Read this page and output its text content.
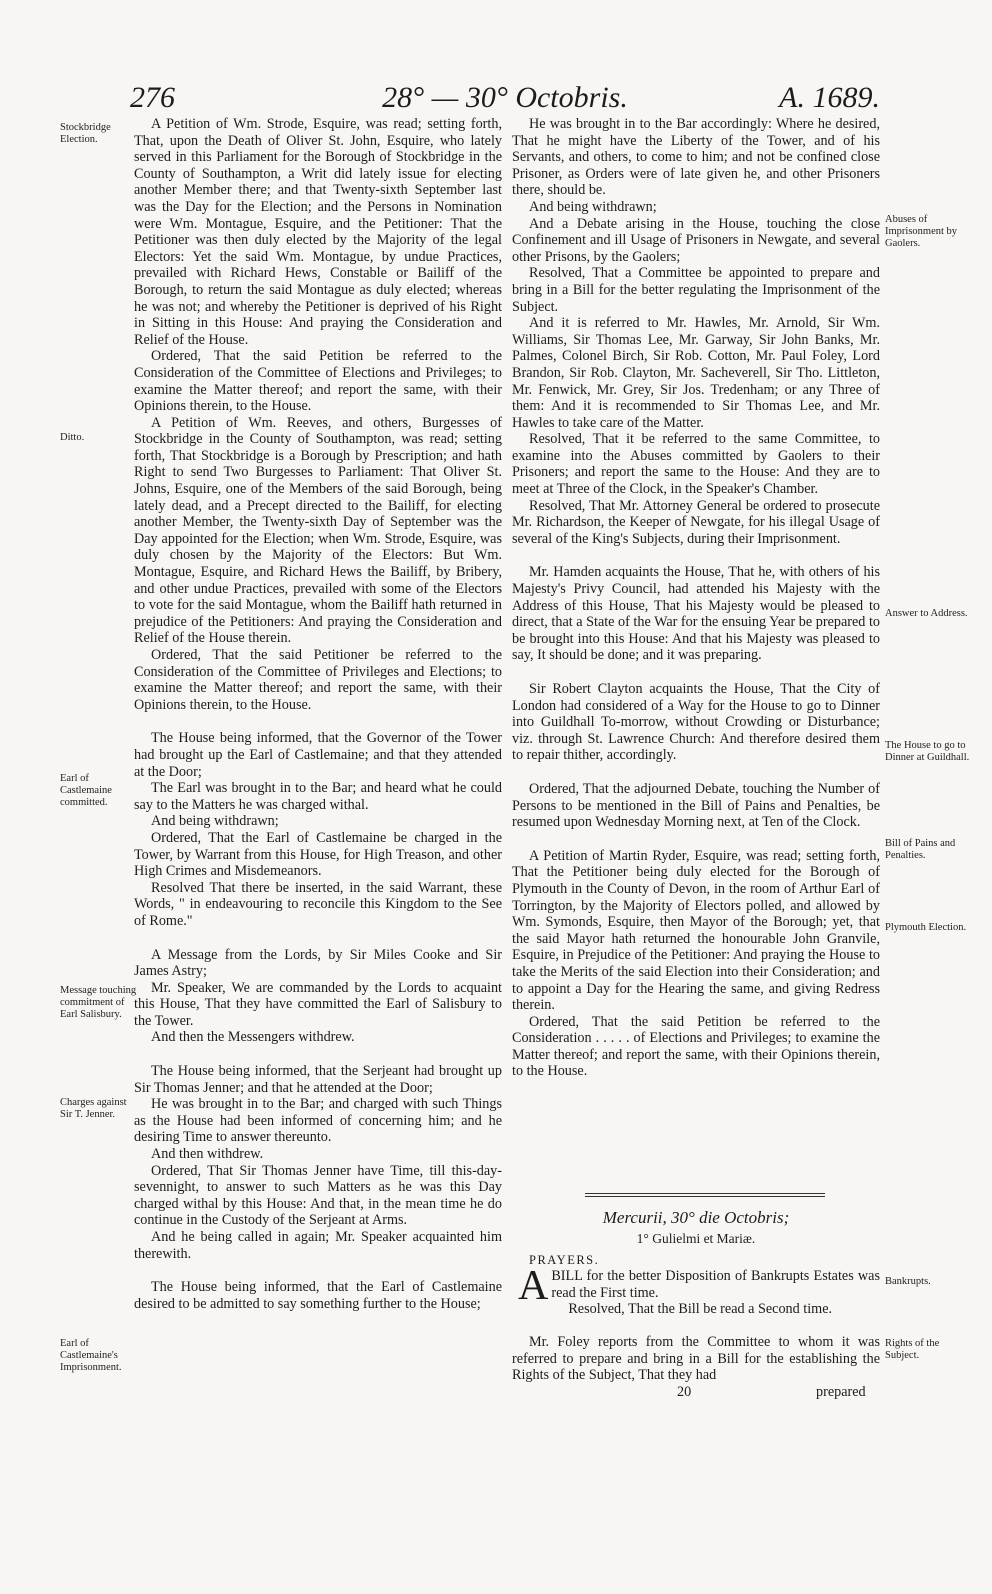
276	28° — 30° Octobris.	A. 1689.
Stockbridge Election.
Ditto.
Earl of Castlemaine committed.
Message touching commitment of Earl Salisbury.
Charges against Sir T. Jenner.
Earl of Castlemaine's Imprisonment.
Abuses of Imprisonment by Gaolers.
Answer to Address.
The House to go to Dinner at Guildhall.
Bill of Pains and Penalties.
Plymouth Election.
Bankrupts.
Rights of the Subject.

A Petition of Wm. Strode, Esquire, was read; setting forth, That, upon the Death of Oliver St. John, Esquire, who lately served in this Parliament for the Borough of Stockbridge in the County of Southampton, a Writ did lately issue for electing another Member there; and that Twenty-sixth September last was the Day for the Election; and the Persons in Nomination were Wm. Montague, Esquire, and the Petitioner: That the Petitioner was then duly elected by the Majority of the legal Electors: Yet the said Wm. Montague, by undue Practices, prevailed with Richard Hews, Constable or Bailiff of the Borough, to return the said Montague as duly elected; whereas he was not; and whereby the Petitioner is deprived of his Right in Sitting in this House: And praying the Consideration and Relief of the House.

Ordered, That the said Petition be referred to the Consideration of the Committee of Elections and Privileges; to examine the Matter thereof; and report the same, with their Opinions therein, to the House.

A Petition of Wm. Reeves, and others, Burgesses of Stockbridge in the County of Southampton, was read; setting forth, That Stockbridge is a Borough by Prescription; and hath Right to send Two Burgesses to Parliament: That Oliver St. Johns, Esquire, one of the Members of the said Borough, being lately dead, and a Precept directed to the Bailiff, for electing another Member, the Twenty-sixth Day of September was the Day appointed for the Election; when Wm. Strode, Esquire, was duly chosen by the Majority of the Electors: But Wm. Montague, Esquire, and Richard Hews the Bailiff, by Bribery, and other undue Practices, prevailed with some of the Electors to vote for the said Montague, whom the Bailiff hath returned in prejudice of the Petitioners: And praying the Consideration and Relief of the House therein.

Ordered, That the said Petitioner be referred to the Consideration of the Committee of Privileges and Elections; to examine the Matter thereof; and report the same, with their Opinions therein, to the House.

The House being informed, that the Governor of the Tower had brought up the Earl of Castlemaine; and that they attended at the Door;

The Earl was brought in to the Bar; and heard what he could say to the Matters he was charged withal.

And being withdrawn;

Ordered, That the Earl of Castlemaine be charged in the Tower, by Warrant from this House, for High Treason, and other High Crimes and Misdemeanors.

Resolved That there be inserted, in the said Warrant, these Words, " in endeavouring to reconcile this Kingdom to the See of Rome."

A Message from the Lords, by Sir Miles Cooke and Sir James Astry;

Mr. Speaker, We are commanded by the Lords to acquaint this House, That they have committed the Earl of Salisbury to the Tower.

And then the Messengers withdrew.

The House being informed, that the Serjeant had brought up Sir Thomas Jenner; and that he attended at the Door;

He was brought in to the Bar; and charged with such Things as the House had been informed of concerning him; and he desiring Time to answer thereunto.

And then withdrew.

Ordered, That Sir Thomas Jenner have Time, till this-day-sevennight, to answer to such Matters as he was this Day charged withal by this House: And that, in the mean time he do continue in the Custody of the Serjeant at Arms.

And he being called in again; Mr. Speaker acquainted him therewith.

The House being informed, that the Earl of Castlemaine desired to be admitted to say something further to the House;

He was brought in to the Bar accordingly: Where he desired, That he might have the Liberty of the Tower, and of his Servants, and others, to come to him; and not be confined close Prisoner, as Orders were of late given he, and other Prisoners there, should be.

And being withdrawn;

And a Debate arising in the House, touching the close Confinement and ill Usage of Prisoners in Newgate, and several other Prisons, by the Gaolers;

Resolved, That a Committee be appointed to prepare and bring in a Bill for the better regulating the Imprisonment of the Subject.

And it is referred to Mr. Hawles, Mr. Arnold, Sir Wm. Williams, Sir Thomas Lee, Mr. Garway, Sir John Banks, Mr. Palmes, Colonel Birch, Sir Rob. Cotton, Mr. Paul Foley, Lord Brandon, Sir Rob. Clayton, Mr. Sacheverell, Sir Tho. Littleton, Mr. Fenwick, Mr. Grey, Sir Jos. Tredenham; or any Three of them: And it is recommended to Sir Thomas Lee, and Mr. Hawles to take care of the Matter.

Resolved, That it be referred to the same Committee, to examine into the Abuses committed by Gaolers to their Prisoners; and report the same to the House: And they are to meet at Three of the Clock, in the Speaker's Chamber.

Resolved, That Mr. Attorney General be ordered to prosecute Mr. Richardson, the Keeper of Newgate, for his illegal Usage of several of the King's Subjects, during their Imprisonment.

Mr. Hamden acquaints the House, That he, with others of his Majesty's Privy Council, had attended his Majesty with the Address of this House, That his Majesty would be pleased to direct, that a State of the War for the ensuing Year be prepared to be brought into this House: And that his Majesty was pleased to say, It should be done; and it was preparing.

Sir Robert Clayton acquaints the House, That the City of London had considered of a Way for the House to go to Dinner into Guildhall To-morrow, without Crowding or Disturbance; viz. through St. Lawrence Church: And therefore desired them to repair thither, accordingly.

Ordered, That the adjourned Debate, touching the Number of Persons to be mentioned in the Bill of Pains and Penalties, be resumed upon Wednesday Morning next, at Ten of the Clock.

A Petition of Martin Ryder, Esquire, was read; setting forth, That the Petitioner being duly elected for the Borough of Plymouth in the County of Devon, in the room of Arthur Earl of Torrington, by the Majority of Electors polled, and allowed by Wm. Symonds, Esquire, then Mayor of the Borough; yet, that the said Mayor hath returned the honourable John Granvile, Esquire, in Prejudice of the Petitioner: And praying the House to take the Merits of the said Election into their Consideration; and to appoint a Day for the Hearing the same, and giving Redress therein.

Ordered, That the said Petition be referred to the Consideration . . . . . of Elections and Privileges; to examine the Matter thereof; and report the same, with their Opinions therein, to the House.

Mercurii, 30° die Octobris;
1° Gulielmi et Mariæ.
PRAYERS.
A BILL for the better Disposition of Bankrupts Estates was read the First time.

Resolved, That the Bill be read a Second time.

Mr. Foley reports from the Committee to whom it was referred to prepare and bring in a Bill for the establishing the Rights of the Subject, That they had

20	prepared
